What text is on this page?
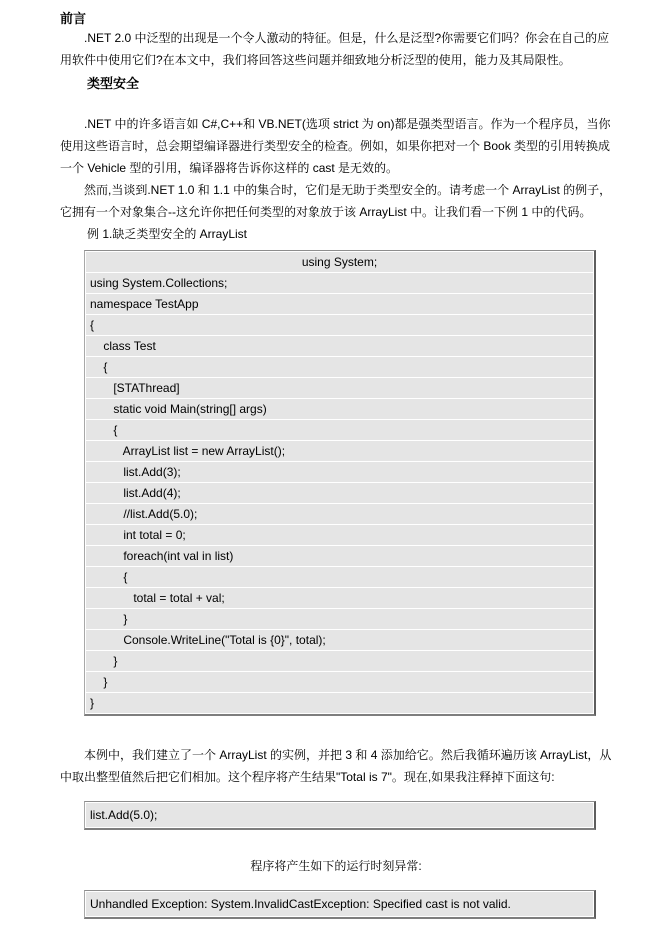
前言
　　.NET 2.0 中泛型的出现是一个令人激动的特征。但是，什么是泛型?你需要它们吗？你会在自己的应
用软件中使用它们?在本文中，我们将回答这些问题并细致地分析泛型的使用，能力及其局限性。
类型安全
　　.NET 中的许多语言如 C#,C++和 VB.NET(选项 strict 为 on)都是强类型语言。作为一个程序员，当你
使用这些语言时，总会期望编译器进行类型安全的检查。例如，如果你把对一个 Book 类型的引用转换成
一个 Vehicle 型的引用，编译器将告诉你这样的 cast 是无效的。
　　然而,当谈到.NET 1.0 和 1.1 中的集合时，它们是无助于类型安全的。请考虑一个 ArrayList 的例子，
它拥有一个对象集合--这允许你把任何类型的对象放于该 ArrayList 中。让我们看一下例 1 中的代码。
例 1.缺乏类型安全的 ArrayList
using System;
using System.Collections;
namespace TestApp
{
class Test
{
[STAThread]
static void Main(string[] args)
{
ArrayList list = new ArrayList();
list.Add(3);
list.Add(4);
//list.Add(5.0);
int total = 0;
foreach(int val in list)
{
total = total + val;
}
Console.WriteLine("Total is {0}", total);
}
}
}
　　本例中，我们建立了一个 ArrayList 的实例，并把 3 和 4 添加给它。然后我循环遍历该 ArrayList，从
中取出整型值然后把它们相加。这个程序将产生结果"Total is 7"。现在,如果我注释掉下面这句:
list.Add(5.0);
程序将产生如下的运行时刻异常:
Unhandled Exception: System.InvalidCastException: Specified cast is not valid.
